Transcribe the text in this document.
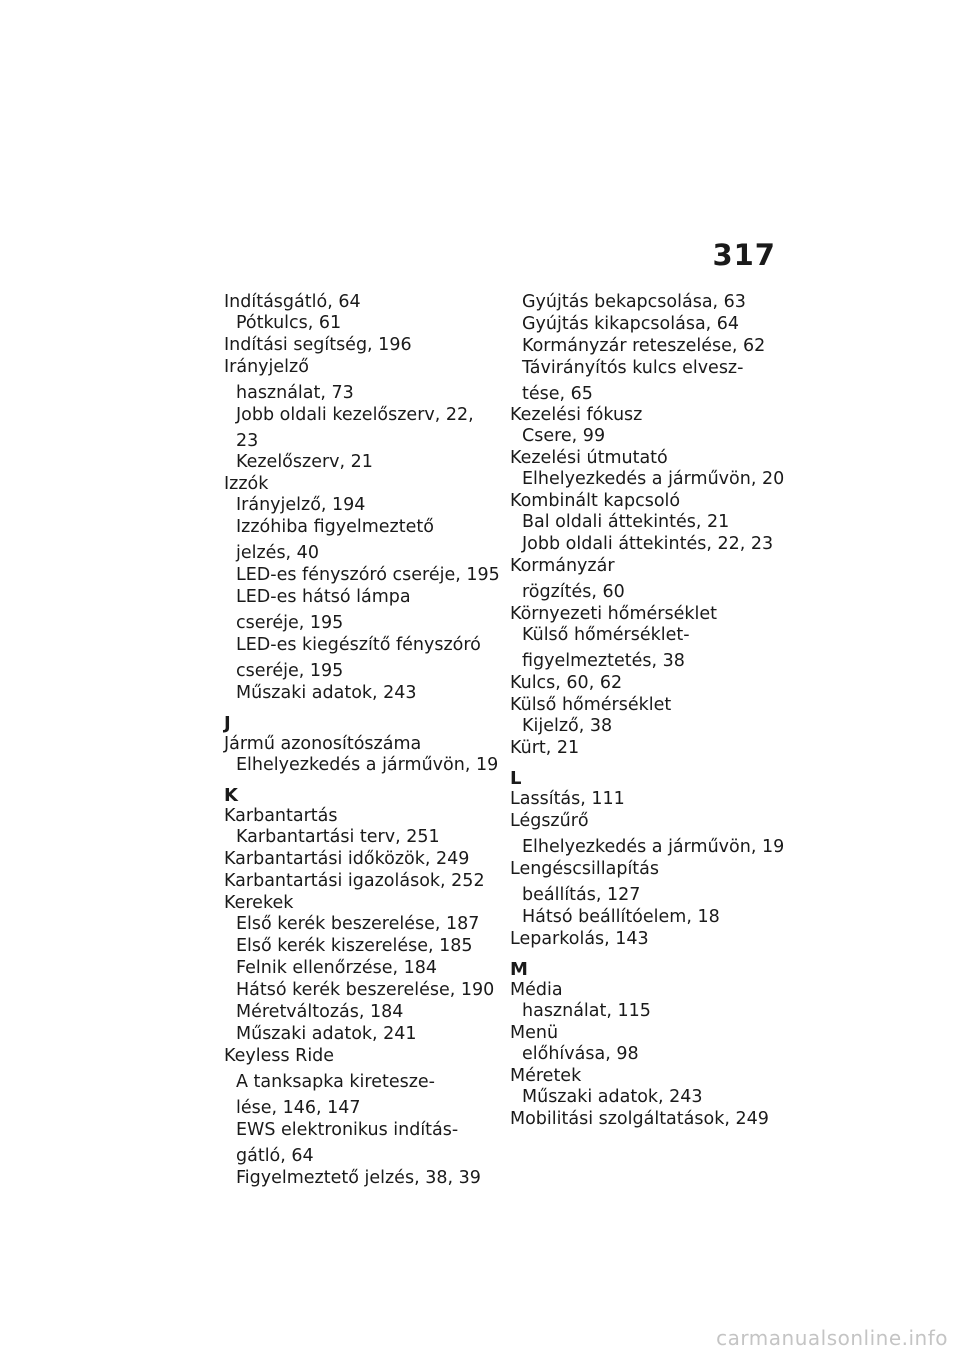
317
Indításgátló, 64
Pótkulcs, 61
Indítási segítség, 196
Irányjelző
használat, 73
Jobb oldali kezelőszerv, 22,
23
Kezelőszerv, 21
Izzók
Irányjelző, 194
Izzóhiba figyelmeztető
jelzés, 40
LED-es fényszóró cseréje, 195
LED-es hátsó lámpa
cseréje, 195
LED-es kiegészítő fényszóró
cseréje, 195
Műszaki adatok, 243
J
Jármű azonosítószáma
Elhelyezkedés a járművön, 19
K
Karbantartás
Karbantartási terv, 251
Karbantartási időközök, 249
Karbantartási igazolások, 252
Kerekek
Első kerék beszerelése, 187
Első kerék kiszerelése, 185
Felnik ellenőrzése, 184
Hátsó kerék beszerelése, 190
Méretváltozás, 184
Műszaki adatok, 241
Keyless Ride
A tanksapka kiretesze-
lése, 146, 147
EWS elektronikus indítás-
gátló, 64
Figyelmeztető jelzés, 38, 39
Gyújtás bekapcsolása, 63
Gyújtás kikapcsolása, 64
Kormányzár reteszelése, 62
Távirányítós kulcs elvesz-
tése, 65
Kezelési fókusz
Csere, 99
Kezelési útmutató
Elhelyezkedés a járművön, 20
Kombinált kapcsoló
Bal oldali áttekintés, 21
Jobb oldali áttekintés, 22, 23
Kormányzár
rögzítés, 60
Környezeti hőmérséklet
Külső hőmérséklet-
figyelmeztetés, 38
Kulcs, 60, 62
Külső hőmérséklet
Kijelző, 38
Kürt, 21
L
Lassítás, 111
Légszűrő
Elhelyezkedés a járművön, 19
Lengéscsillapítás
beállítás, 127
Hátsó beállítóelem, 18
Leparkolás, 143
M
Média
használat, 115
Menü
előhívása, 98
Méretek
Műszaki adatok, 243
Mobilitási szolgáltatások, 249
carmanualsonline.info
